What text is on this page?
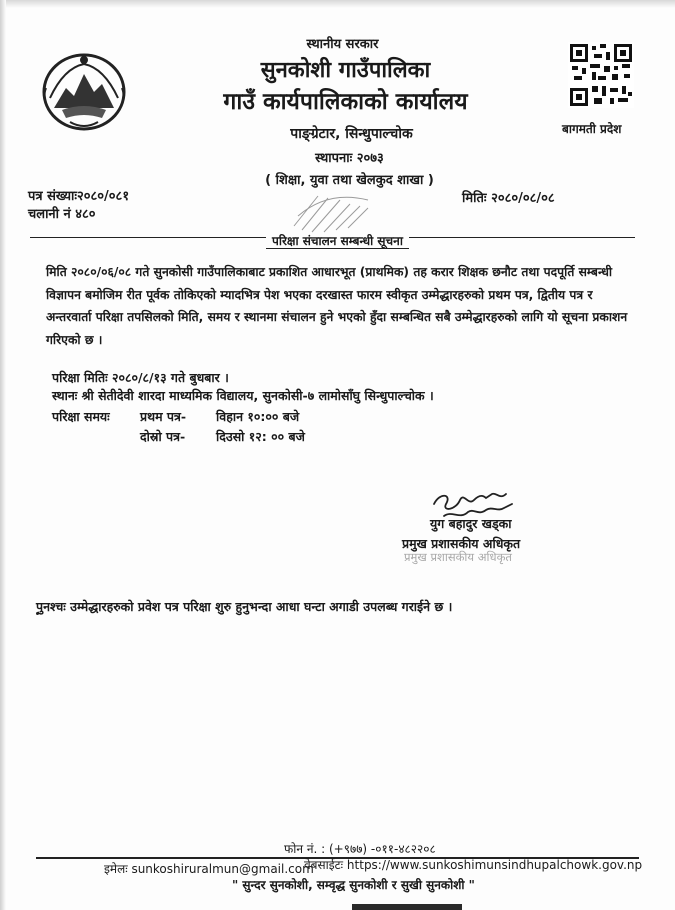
स्थानीय सरकार
सुनकोशी गाउँपालिका
गाउँ कार्यपालिकाको कार्यालय
पाङ्ग्रेटार, सिन्धुपाल्चोक
स्थापनाः २०७३
( शिक्षा, युवा तथा खेलकुद शाखा )
बागमती प्रदेश
पत्र संख्याः२०८०/०८१
चलानी नं ४८०
मितिः २०८०/०८/०८
परिक्षा संचालन सम्बन्धी सूचना
मिति २०८०/०६/०८ गते सुनकोसी गाउँपालिकाबाट प्रकाशित आधारभूत (प्राथमिक) तह करार शिक्षक छनौट तथा पदपूर्ति सम्बन्धी विज्ञापन बमोजिम रीत पूर्वक तोकिएको म्यादभित्र पेश भएका दरखास्त फारम स्वीकृत उम्मेद्धारहरुको प्रथम पत्र, द्वितीय पत्र र अन्तरवार्ता परिक्षा तपसिलको मिति, समय र स्थानमा संचालन हुने भएको हुँदा सम्बन्धित सबै उम्मेद्धारहरुको लागि यो सूचना प्रकाशन गरिएको छ ।
परिक्षा मितिः २०८०/८/१३ गते बुधबार ।
स्थानः श्री सेतीदेवी शारदा माध्यमिक विद्यालय, सुनकोसी-७ लामोसाँघु सिन्धुपाल्चोक ।
परिक्षा समयः प्रथम पत्र- विहान १०:०० बजे
दोस्रो पत्र- दिउसो १२: ०० बजे
युग बहादुर खड्का
प्रमुख प्रशासकीय अधिकृत
प्रमुख प्रशासकीय अधिकृत
पुनश्चः उम्मेद्धारहरुको प्रवेश पत्र परिक्षा शुरु हुनुभन्दा आधा घन्टा अगाडी उपलब्ध गराईने छ ।
फोन नं. : (+९७७) -०११-४८२२०८
इमेलः sunkoshiruralmun@gmail.com
वेबसाईटः https://www.sunkoshimunsindhupalchowk.gov.np
" सुन्दर सुनकोशी, सम्वृद्ध सुनकोशी र सुखी सुनकोशी "
